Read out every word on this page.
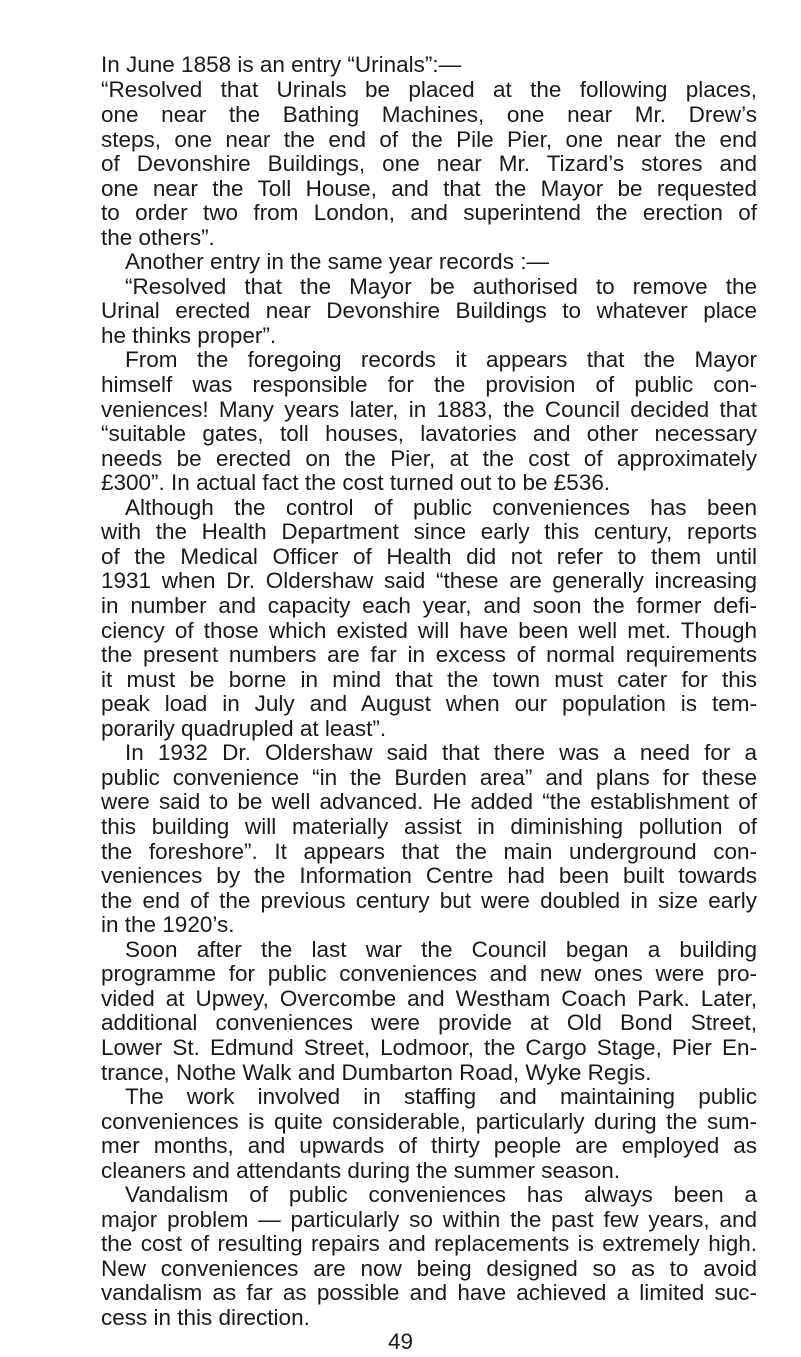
In June 1858 is an entry “Urinals”:—
“Resolved that Urinals be placed at the following places,
one near the Bathing Machines, one near Mr. Drew’s
steps, one near the end of the Pile Pier, one near the end
of Devonshire Buildings, one near Mr. Tizard’s stores and
one near the Toll House, and that the Mayor be requested
to order two from London, and superintend the erection of
the others”.
Another entry in the same year records :—
“Resolved that the Mayor be authorised to remove the
Urinal erected near Devonshire Buildings to whatever place
he thinks proper”.
From the foregoing records it appears that the Mayor
himself was responsible for the provision of public con-
veniences! Many years later, in 1883, the Council decided that
“suitable gates, toll houses, lavatories and other necessary
needs be erected on the Pier, at the cost of approximately
£300”. In actual fact the cost turned out to be £536.
Although the control of public conveniences has been
with the Health Department since early this century, reports
of the Medical Officer of Health did not refer to them until
1931 when Dr. Oldershaw said “these are generally increasing
in number and capacity each year, and soon the former defi-
ciency of those which existed will have been well met. Though
the present numbers are far in excess of normal requirements
it must be borne in mind that the town must cater for this
peak load in July and August when our population is tem-
porarily quadrupled at least”.
In 1932 Dr. Oldershaw said that there was a need for a
public convenience “in the Burden area” and plans for these
were said to be well advanced. He added “the establishment of
this building will materially assist in diminishing pollution of
the foreshore”. It appears that the main underground con-
veniences by the Information Centre had been built towards
the end of the previous century but were doubled in size early
in the 1920’s.
Soon after the last war the Council began a building
programme for public conveniences and new ones were pro-
vided at Upwey, Overcombe and Westham Coach Park. Later,
additional conveniences were provide at Old Bond Street,
Lower St. Edmund Street, Lodmoor, the Cargo Stage, Pier En-
trance, Nothe Walk and Dumbarton Road, Wyke Regis.
The work involved in staffing and maintaining public
conveniences is quite considerable, particularly during the sum-
mer months, and upwards of thirty people are employed as
cleaners and attendants during the summer season.
Vandalism of public conveniences has always been a
major problem — particularly so within the past few years, and
the cost of resulting repairs and replacements is extremely high.
New conveniences are now being designed so as to avoid
vandalism as far as possible and have achieved a limited suc-
cess in this direction.
49
